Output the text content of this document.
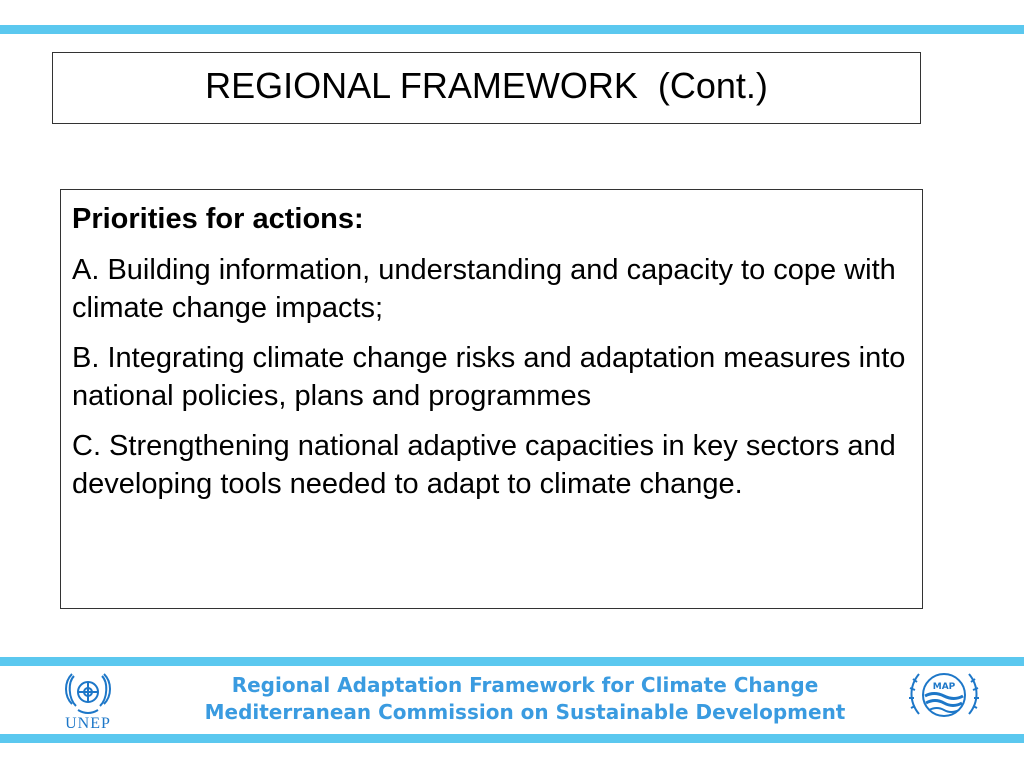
REGIONAL FRAMEWORK  (Cont.)

Priorities for actions:

A. Building information, understanding and capacity to cope with climate change impacts;

B. Integrating climate change risks and adaptation measures into national policies, plans and programmes

C. Strengthening national adaptive capacities in key sectors and developing tools needed to adapt to climate change.

UNEP
Regional Adaptation Framework for Climate Change
Mediterranean Commission on Sustainable Development
MAP
